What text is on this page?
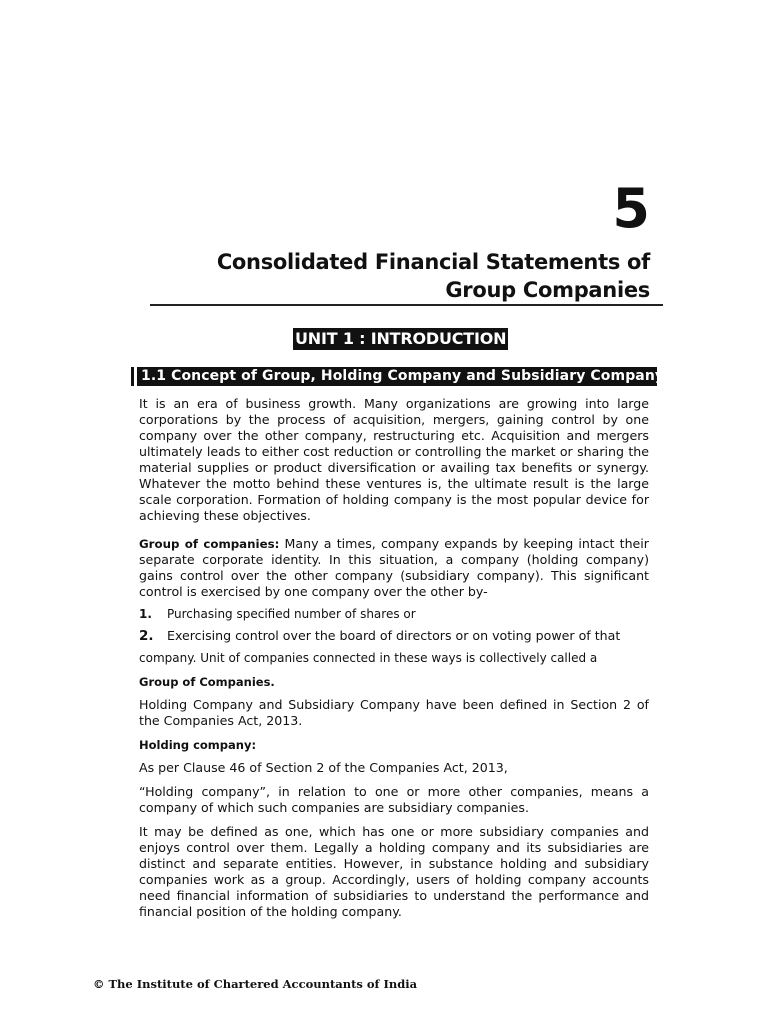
5
Consolidated Financial Statements of Group Companies
UNIT 1 : INTRODUCTION
1.1 Concept of Group, Holding Company and Subsidiary Company

It is an era of business growth. Many organizations are growing into large corporations by the process of acquisition, mergers, gaining control by one company over the other company, restructuring etc. Acquisition and mergers ultimately leads to either cost reduction or controlling the market or sharing the material supplies or product diversification or availing tax benefits or synergy. Whatever the motto behind these ventures is, the ultimate result is the large scale corporation. Formation of holding company is the most popular device for achieving these objectives.

Group of companies: Many a times, company expands by keeping intact their separate corporate identity. In this situation, a company (holding company) gains control over the other company (subsidiary company). This significant control is exercised by one company over the other by-

1.	Purchasing specified number of shares or
2.	Exercising control over the board of directors or on voting power of that

company. Unit of companies connected in these ways is collectively called a

Group of Companies.

Holding Company and Subsidiary Company have been defined in Section 2 of the Companies Act, 2013.

Holding company:

As per Clause 46 of Section 2 of the Companies Act, 2013,

“Holding company”, in relation to one or more other companies, means a company of which such companies are subsidiary companies.

It may be defined as one, which has one or more subsidiary companies and enjoys control over them. Legally a holding company and its subsidiaries are distinct and separate entities. However, in substance holding and subsidiary companies work as a group. Accordingly, users of holding company accounts need financial information of subsidiaries to understand the performance and financial position of the holding company.

© The Institute of Chartered Accountants of India
